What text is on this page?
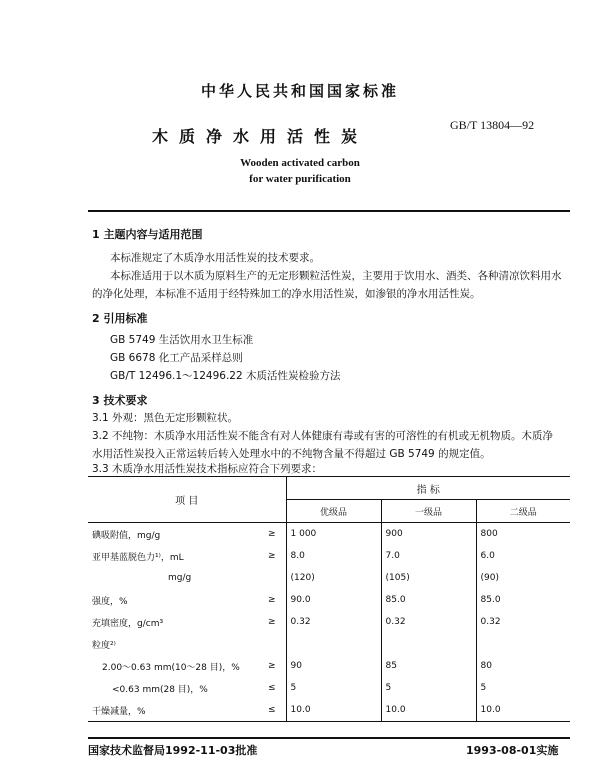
中华人民共和国国家标准
木质净水用活性炭
GB/T 13804—92
Wooden activated carbon
for water purification
1 主题内容与适用范围
本标准规定了木质净水用活性炭的技术要求。
本标准适用于以木质为原料生产的无定形颗粒活性炭，主要用于饮用水、酒类、各种清凉饮料用水
的净化处理，本标准不适用于经特殊加工的净水用活性炭，如渗银的净水用活性炭。
2 引用标准
GB 5749 生活饮用水卫生标准
GB 6678 化工产品采样总则
GB/T 12496.1～12496.22 木质活性炭检验方法
3 技术要求
3.1 外观：黑色无定形颗粒状。
3.2 不纯物：木质净水用活性炭不能含有对人体健康有毒或有害的可溶性的有机或无机物质。木质净
水用活性炭投入正常运转后转入处理水中的不纯物含量不得超过 GB 5749 的规定值。
3.3 木质净水用活性炭技术指标应符合下列要求：
项 目		指 标		
		优级品	一级品	二级品
碘吸附值，mg/g	≥	1 000	900	800
亚甲基蓝脱色力¹⁾，mL	≥	8.0	7.0	6.0
mg/g		(120)	(105)	(90)
强度，%	≥	90.0	85.0	85.0
充填密度，g/cm³	≥	0.32	0.32	0.32
粒度²⁾				
2.00～0.63 mm(10～28 目)，%	≥	90	85	80
<0.63 mm(28 目)，%	≤	5	5	5
干燥减量，%	≤	10.0	10.0	10.0
国家技术监督局1992-11-03批准	1993-08-01实施
